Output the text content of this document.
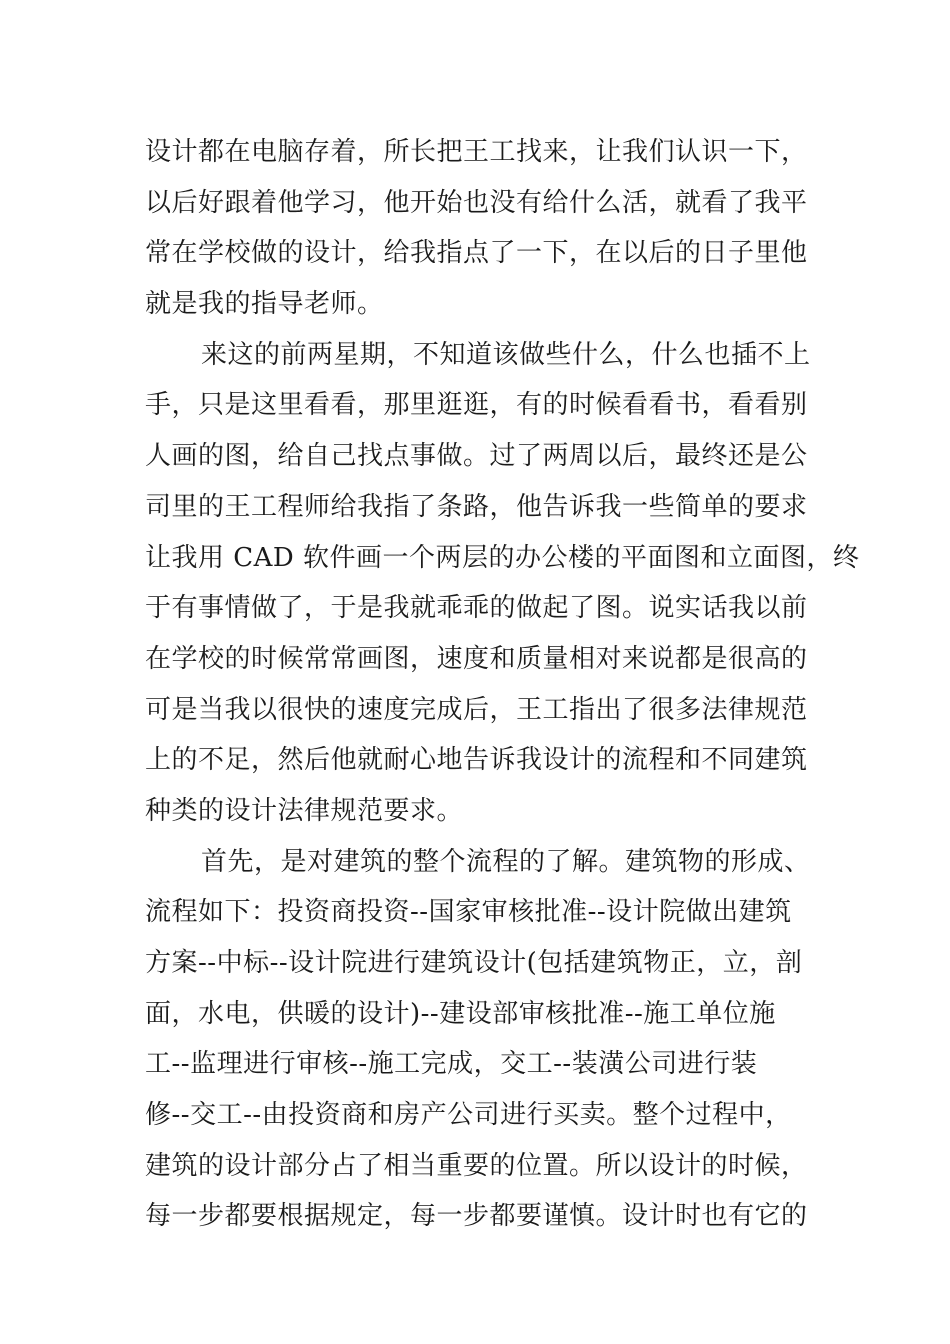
设计都在电脑存着，所长把王工找来，让我们认识一下，
以后好跟着他学习，他开始也没有给什么活，就看了我平
常在学校做的设计，给我指点了一下，在以后的日子里他
就是我的指导老师。
来这的前两星期，不知道该做些什么，什么也插不上
手，只是这里看看，那里逛逛，有的时候看看书，看看别
人画的图，给自己找点事做。过了两周以后，最终还是公
司里的王工程师给我指了条路，他告诉我一些简单的要求
让我用 CAD 软件画一个两层的办公楼的平面图和立面图，终
于有事情做了，于是我就乖乖的做起了图。说实话我以前
在学校的时候常常画图，速度和质量相对来说都是很高的
可是当我以很快的速度完成后，王工指出了很多法律规范
上的不足，然后他就耐心地告诉我设计的流程和不同建筑
种类的设计法律规范要求。
首先，是对建筑的整个流程的了解。建筑物的形成、
流程如下：投资商投资--国家审核批准--设计院做出建筑
方案--中标--设计院进行建筑设计(包括建筑物正，立，剖
面，水电，供暖的设计)--建设部审核批准--施工单位施
工--监理进行审核--施工完成，交工--装潢公司进行装
修--交工--由投资商和房产公司进行买卖。整个过程中，
建筑的设计部分占了相当重要的位置。所以设计的时候，
每一步都要根据规定，每一步都要谨慎。设计时也有它的
